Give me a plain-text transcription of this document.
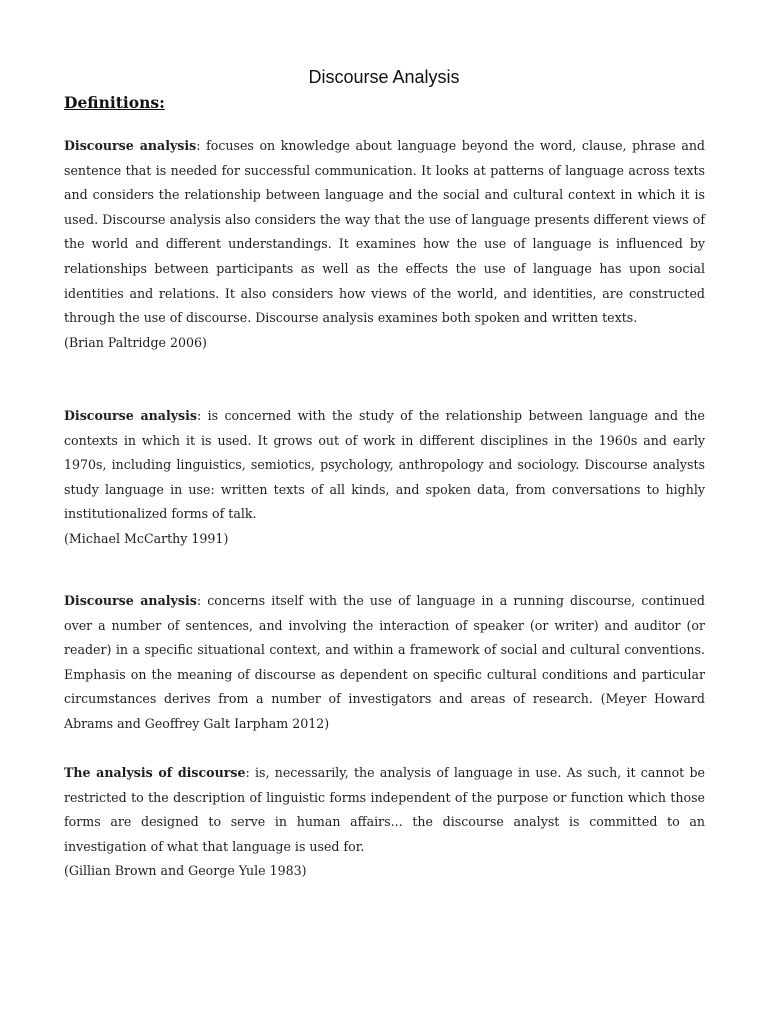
Discourse Analysis
Definitions:

Discourse analysis: focuses on knowledge about language beyond the word, clause, phrase and sentence that is needed for successful communication. It looks at patterns of language across texts and considers the relationship between language and the social and cultural context in which it is used. Discourse analysis also considers the way that the use of language presents different views of the world and different understandings. It examines how the use of language is influenced by relationships between participants as well as the effects the use of language has upon social identities and relations. It also considers how views of the world, and identities, are constructed through the use of discourse. Discourse analysis examines both spoken and written texts.

(Brian Paltridge 2006)

Discourse analysis: is concerned with the study of the relationship between language and the contexts in which it is used. It grows out of work in different disciplines in the 1960s and early 1970s, including linguistics, semiotics, psychology, anthropology and sociology. Discourse analysts study language in use: written texts of all kinds, and spoken data, from conversations to highly institutionalized forms of talk.

(Michael McCarthy 1991)

Discourse analysis: concerns itself with the use of language in a running discourse, continued over a number of sentences, and involving the interaction of speaker (or writer) and auditor (or reader) in a specific situational context, and within a framework of social and cultural conventions. Emphasis on the meaning of discourse as dependent on specific cultural conditions and particular circumstances derives from a number of investigators and areas of research. (Meyer Howard Abrams and Geoffrey Galt Iarpham 2012)

The analysis of discourse: is, necessarily, the analysis of language in use. As such, it cannot be restricted to the description of linguistic forms independent of the purpose or function which those forms are designed to serve in human affairs... the discourse analyst is committed to an investigation of what that language is used for.

(Gillian Brown and George Yule 1983)
